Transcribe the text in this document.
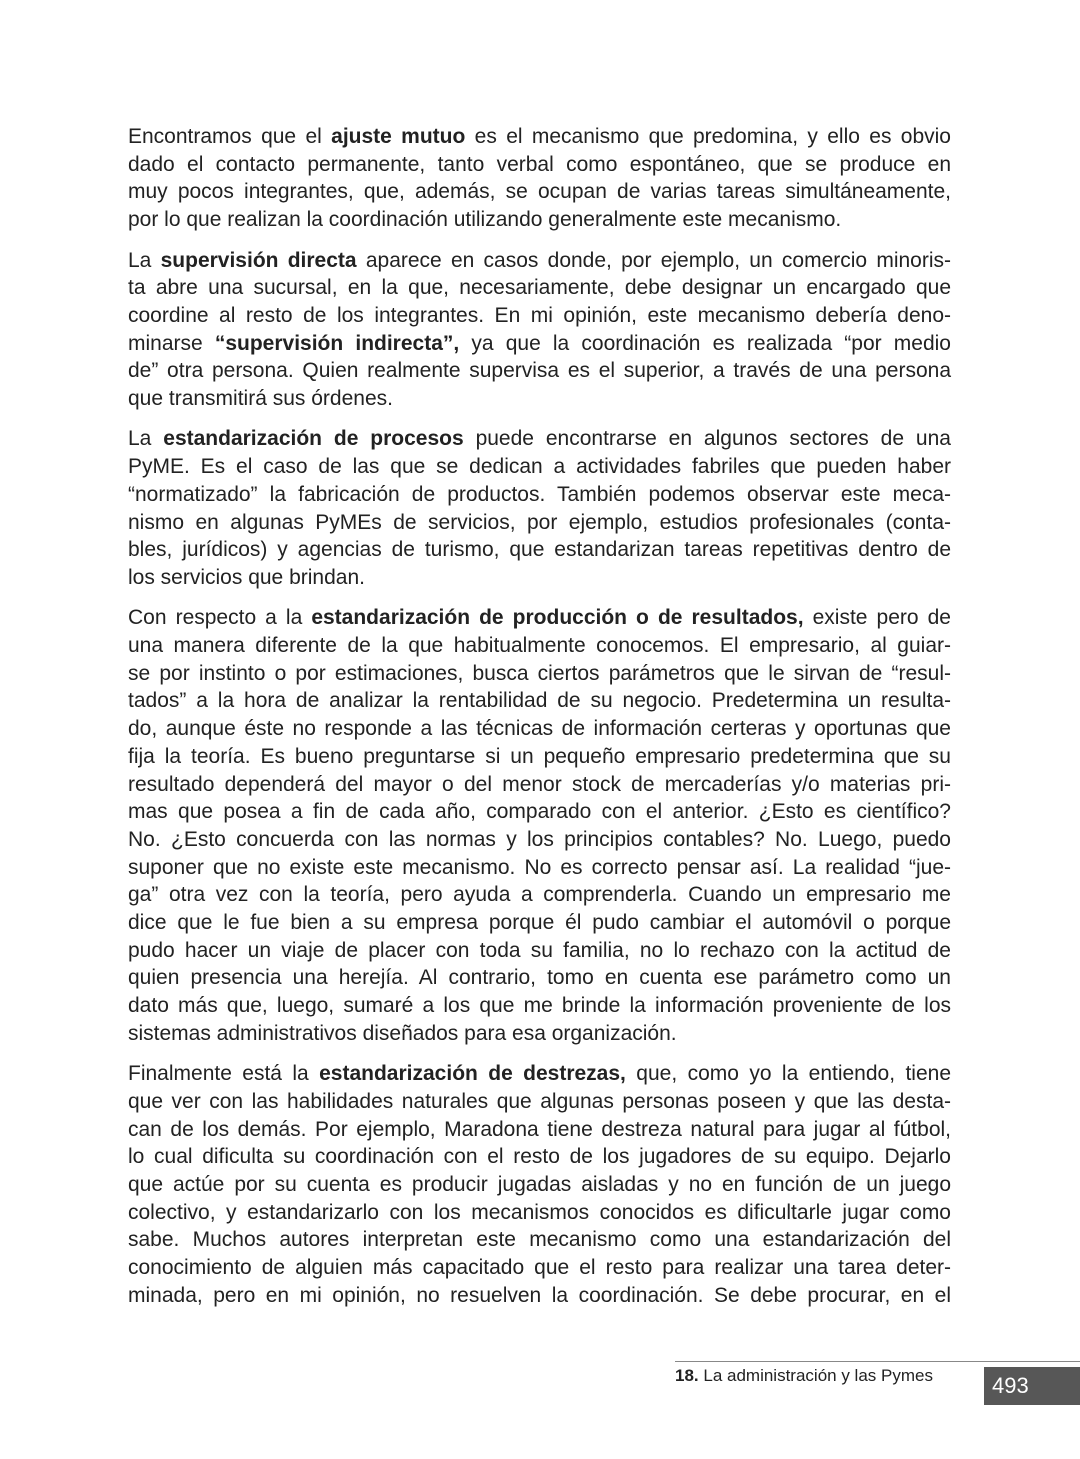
Encontramos que el ajuste mutuo es el mecanismo que predomina, y ello es obvio
dado el contacto permanente, tanto verbal como espontáneo, que se produce en
muy pocos integrantes, que, además, se ocupan de varias tareas simultáneamente,
por lo que realizan la coordinación utilizando generalmente este mecanismo.
La supervisión directa aparece en casos donde, por ejemplo, un comercio minoris-
ta abre una sucursal, en la que, necesariamente, debe designar un encargado que
coordine al resto de los integrantes. En mi opinión, este mecanismo debería deno-
minarse “supervisión indirecta”, ya que la coordinación es realizada “por medio
de” otra persona. Quien realmente supervisa es el superior, a través de una persona
que transmitirá sus órdenes.
La estandarización de procesos puede encontrarse en algunos sectores de una
PyME. Es el caso de las que se dedican a actividades fabriles que pueden haber
“normatizado” la fabricación de productos. También podemos observar este meca-
nismo en algunas PyMEs de servicios, por ejemplo, estudios profesionales (conta-
bles, jurídicos) y agencias de turismo, que estandarizan tareas repetitivas dentro de
los servicios que brindan.
Con respecto a la estandarización de producción o de resultados, existe pero de
una manera diferente de la que habitualmente conocemos. El empresario, al guiar-
se por instinto o por estimaciones, busca ciertos parámetros que le sirvan de “resul-
tados” a la hora de analizar la rentabilidad de su negocio. Predetermina un resulta-
do, aunque éste no responde a las técnicas de información certeras y oportunas que
fija la teoría. Es bueno preguntarse si un pequeño empresario predetermina que su
resultado dependerá del mayor o del menor stock de mercaderías y/o materias pri-
mas que posea a fin de cada año, comparado con el anterior. ¿Esto es científico?
No. ¿Esto concuerda con las normas y los principios contables? No. Luego, puedo
suponer que no existe este mecanismo. No es correcto pensar así. La realidad “jue-
ga” otra vez con la teoría, pero ayuda a comprenderla. Cuando un empresario me
dice que le fue bien a su empresa porque él pudo cambiar el automóvil o porque
pudo hacer un viaje de placer con toda su familia, no lo rechazo con la actitud de
quien presencia una herejía. Al contrario, tomo en cuenta ese parámetro como un
dato más que, luego, sumaré a los que me brinde la información proveniente de los
sistemas administrativos diseñados para esa organización.
Finalmente está la estandarización de destrezas, que, como yo la entiendo, tiene
que ver con las habilidades naturales que algunas personas poseen y que las desta-
can de los demás. Por ejemplo, Maradona tiene destreza natural para jugar al fútbol,
lo cual dificulta su coordinación con el resto de los jugadores de su equipo. Dejarlo
que actúe por su cuenta es producir jugadas aisladas y no en función de un juego
colectivo, y estandarizarlo con los mecanismos conocidos es dificultarle jugar como
sabe. Muchos autores interpretan este mecanismo como una estandarización del
conocimiento de alguien más capacitado que el resto para realizar una tarea deter-
minada, pero en mi opinión, no resuelven la coordinación. Se debe procurar, en el
18. La administración y las Pymes	493
